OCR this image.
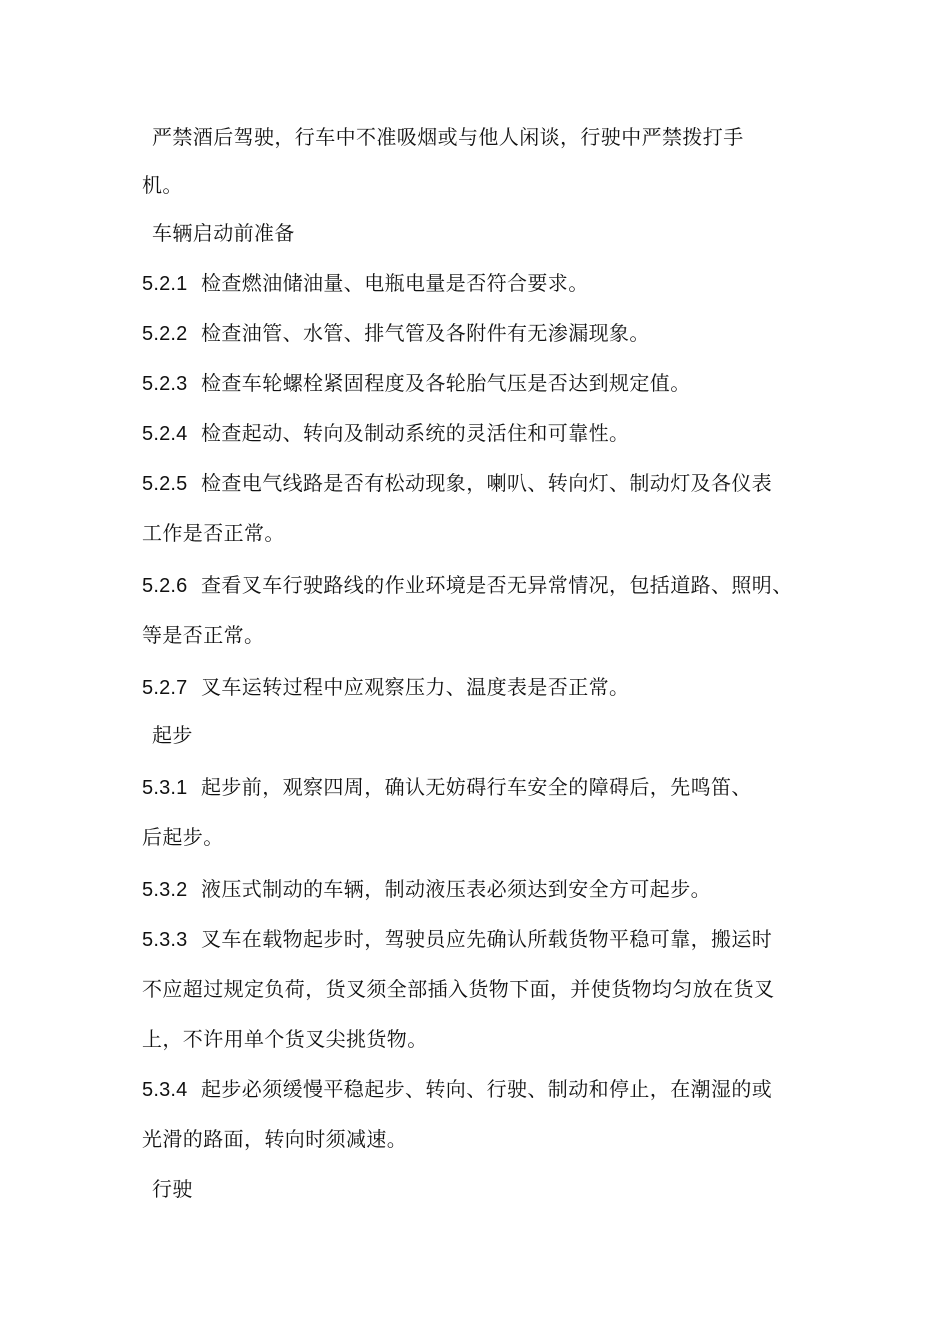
严禁酒后驾驶，行车中不准吸烟或与他人闲谈，行驶中严禁拨打手
机。
车辆启动前准备
5.2.1 检查燃油储油量、电瓶电量是否符合要求。
5.2.2 检查油管、水管、排气管及各附件有无渗漏现象。
5.2.3 检查车轮螺栓紧固程度及各轮胎气压是否达到规定值。
5.2.4 检查起动、转向及制动系统的灵活住和可靠性。
5.2.5 检查电气线路是否有松动现象，喇叭、转向灯、制动灯及各仪表
工作是否正常。
5.2.6 查看叉车行驶路线的作业环境是否无异常情况，包括道路、照明、
等是否正常。
5.2.7 叉车运转过程中应观察压力、温度表是否正常。
起步
5.3.1 起步前，观察四周，确认无妨碍行车安全的障碍后，先鸣笛、
后起步。
5.3.2 液压式制动的车辆，制动液压表必须达到安全方可起步。
5.3.3 叉车在载物起步时，驾驶员应先确认所载货物平稳可靠，搬运时
不应超过规定负荷，货叉须全部插入货物下面，并使货物均匀放在货叉
上，不许用单个货叉尖挑货物。
5.3.4 起步必须缓慢平稳起步、转向、行驶、制动和停止，在潮湿的或
光滑的路面，转向时须减速。
行驶
